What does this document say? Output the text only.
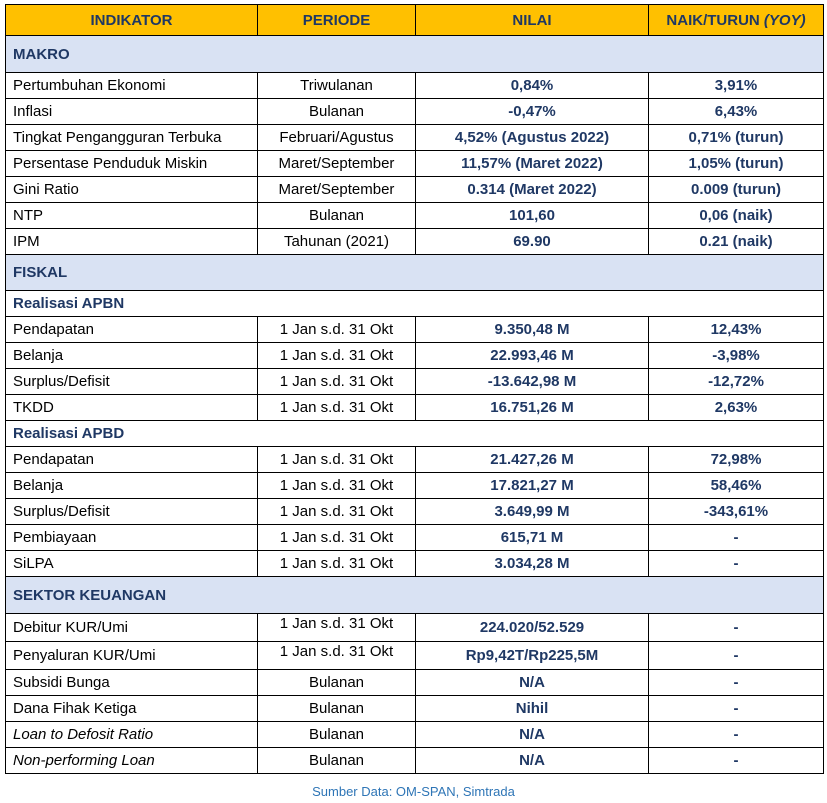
INDIKATOR	PERIODE	NILAI	NAIK/TURUN (YOY)
MAKRO			
Pertumbuhan Ekonomi	Triwulanan	0,84%	3,91%
Inflasi	Bulanan	-0,47%	6,43%
Tingkat Pengangguran Terbuka	Februari/Agustus	4,52% (Agustus 2022)	0,71% (turun)
Persentase Penduduk Miskin	Maret/September	11,57% (Maret 2022)	1,05% (turun)
Gini Ratio	Maret/September	0.314 (Maret 2022)	0.009 (turun)
NTP	Bulanan	101,60	0,06 (naik)
IPM	Tahunan (2021)	69.90	0.21 (naik)
FISKAL			
Realisasi APBN			
Pendapatan	1 Jan s.d. 31 Okt	9.350,48 M	12,43%
Belanja	1 Jan s.d. 31 Okt	22.993,46 M	-3,98%
Surplus/Defisit	1 Jan s.d. 31 Okt	-13.642,98 M	-12,72%
TKDD	1 Jan s.d. 31 Okt	16.751,26 M	2,63%
Realisasi APBD			
Pendapatan	1 Jan s.d. 31 Okt	21.427,26 M	72,98%
Belanja	1 Jan s.d. 31 Okt	17.821,27 M	58,46%
Surplus/Defisit	1 Jan s.d. 31 Okt	3.649,99 M	-343,61%
Pembiayaan	1 Jan s.d. 31 Okt	615,71 M	-
SiLPA	1 Jan s.d. 31 Okt	3.034,28 M	-
SEKTOR KEUANGAN			
Debitur KUR/Umi	1 Jan s.d. 31 Okt	224.020/52.529	-
Penyaluran KUR/Umi	1 Jan s.d. 31 Okt	Rp9,42T/Rp225,5M	-
Subsidi Bunga	Bulanan	N/A	-
Dana Fihak Ketiga	Bulanan	Nihil	-
Loan to Defosit Ratio	Bulanan	N/A	-
Non-performing Loan	Bulanan	N/A	-
Sumber Data: OM-SPAN, Simtrada
